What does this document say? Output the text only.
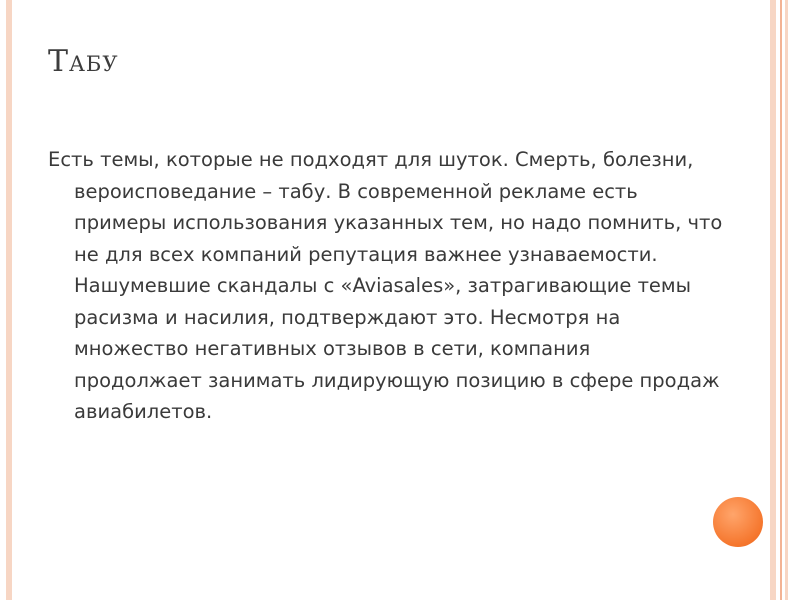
Табу

Есть темы, которые не подходят для шуток. Смерть, болезни, вероисповедание – табу. В современной рекламе есть примеры использования указанных тем, но надо помнить, что не для всех компаний репутация важнее узнаваемости. Нашумевшие скандалы с «Aviasales», затрагивающие темы расизма и насилия, подтверждают это. Несмотря на множество негативных отзывов в сети, компания продолжает занимать лидирующую позицию в сфере продаж авиабилетов.
